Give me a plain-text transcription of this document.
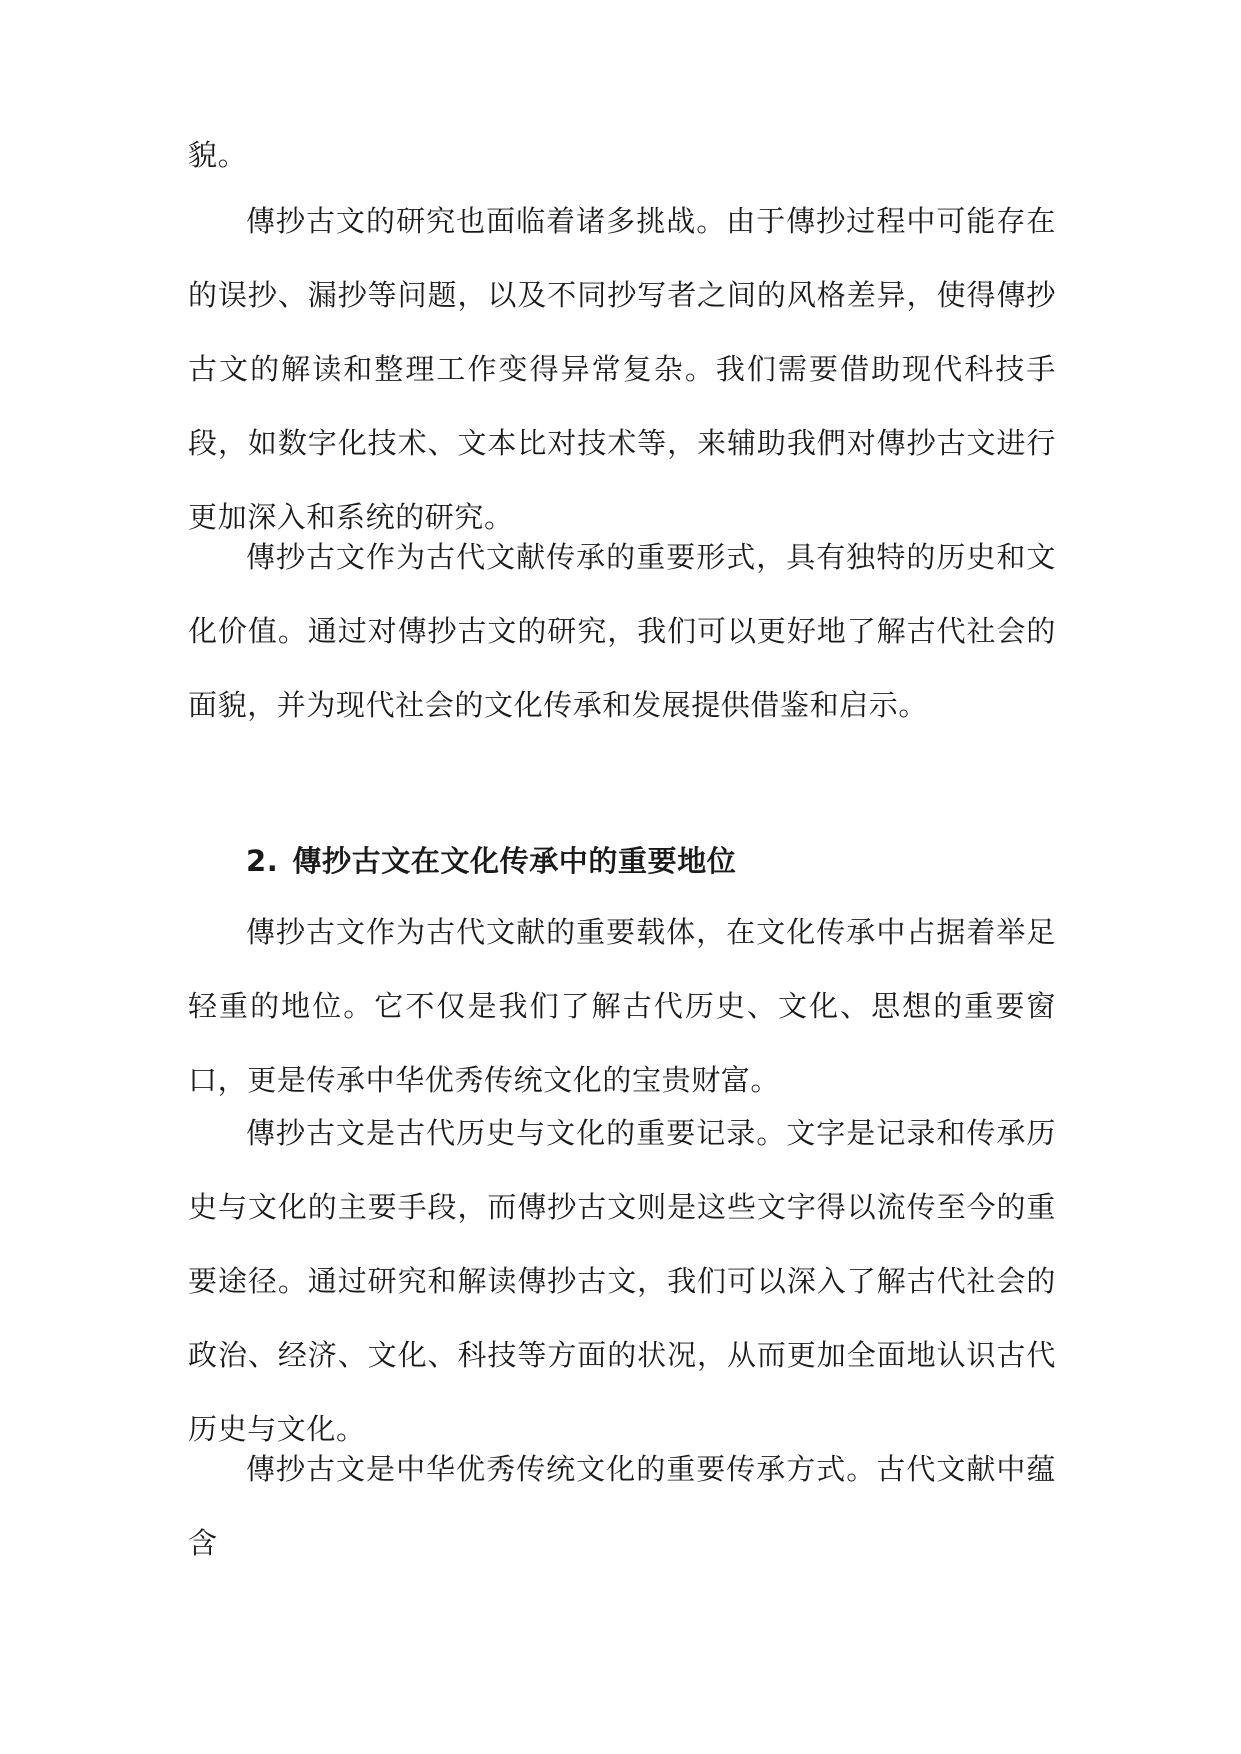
貌。

傳抄古文的研究也面临着诸多挑战。由于傳抄过程中可能存在的误抄、漏抄等问题，以及不同抄写者之间的风格差异，使得傳抄古文的解读和整理工作变得异常复杂。我们需要借助现代科技手段，如数字化技术、文本比对技术等，来辅助我們对傳抄古文进行更加深入和系统的研究。

傳抄古文作为古代文献传承的重要形式，具有独特的历史和文化价值。通过对傳抄古文的研究，我们可以更好地了解古代社会的面貌，并为现代社会的文化传承和发展提供借鉴和启示。

2. 傳抄古文在文化传承中的重要地位

傳抄古文作为古代文献的重要载体，在文化传承中占据着举足轻重的地位。它不仅是我们了解古代历史、文化、思想的重要窗口，更是传承中华优秀传统文化的宝贵财富。

傳抄古文是古代历史与文化的重要记录。文字是记录和传承历史与文化的主要手段，而傳抄古文则是这些文字得以流传至今的重要途径。通过研究和解读傳抄古文，我们可以深入了解古代社会的政治、经济、文化、科技等方面的状况，从而更加全面地认识古代历史与文化。

傳抄古文是中华优秀传统文化的重要传承方式。古代文献中蕴含
